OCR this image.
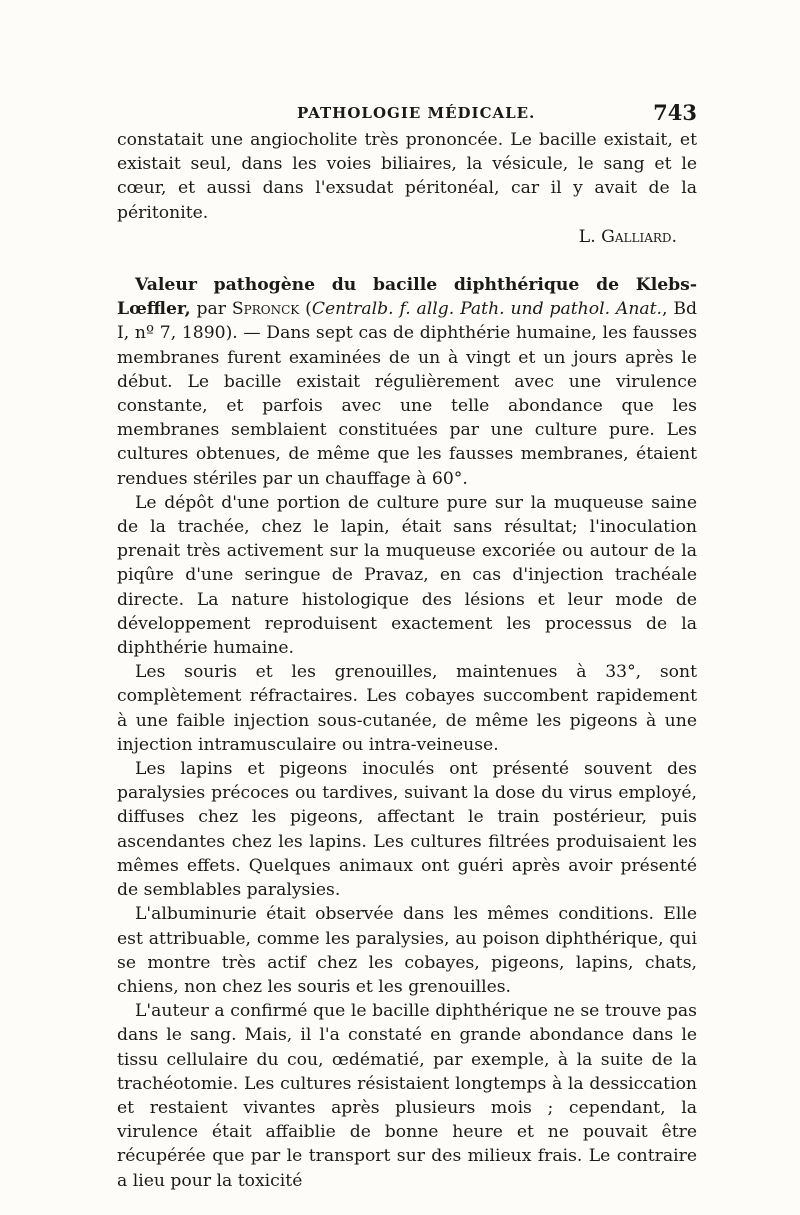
PATHOLOGIE MÉDICALE.	743

constatait une angiocholite très prononcée. Le bacille existait, et existait seul, dans les voies biliaires, la vésicule, le sang et le cœur, et aussi dans l'exsudat péritonéal, car il y avait de la péritonite.

L. Galliard.

Valeur pathogène du bacille diphthérique de Klebs-Lœffler, par Spronck (Centralb. f. allg. Path. und pathol. Anat., Bd I, nº 7, 1890). — Dans sept cas de diphthérie humaine, les fausses membranes furent examinées de un à vingt et un jours après le début. Le bacille existait régulièrement avec une virulence constante, et parfois avec une telle abondance que les membranes semblaient constituées par une culture pure. Les cultures obtenues, de même que les fausses membranes, étaient rendues stériles par un chauffage à 60°.

Le dépôt d'une portion de culture pure sur la muqueuse saine de la trachée, chez le lapin, était sans résultat; l'inoculation prenait très activement sur la muqueuse excoriée ou autour de la piqûre d'une seringue de Pravaz, en cas d'injection trachéale directe. La nature histologique des lésions et leur mode de développement reproduisent exactement les processus de la diphthérie humaine.

Les souris et les grenouilles, maintenues à 33°, sont complètement réfractaires. Les cobayes succombent rapidement à une faible injection sous-cutanée, de même les pigeons à une injection intramusculaire ou intra-veineuse.

Les lapins et pigeons inoculés ont présenté souvent des paralysies précoces ou tardives, suivant la dose du virus employé, diffuses chez les pigeons, affectant le train postérieur, puis ascendantes chez les lapins. Les cultures filtrées produisaient les mêmes effets. Quelques animaux ont guéri après avoir présenté de semblables paralysies.

L'albuminurie était observée dans les mêmes conditions. Elle est attribuable, comme les paralysies, au poison diphthérique, qui se montre très actif chez les cobayes, pigeons, lapins, chats, chiens, non chez les souris et les grenouilles.

L'auteur a confirmé que le bacille diphthérique ne se trouve pas dans le sang. Mais, il l'a constaté en grande abondance dans le tissu cellulaire du cou, œdématié, par exemple, à la suite de la trachéotomie. Les cultures résistaient longtemps à la dessiccation et restaient vivantes après plusieurs mois ; cependant, la virulence était affaiblie de bonne heure et ne pouvait être récupérée que par le transport sur des milieux frais. Le contraire a lieu pour la toxicité
